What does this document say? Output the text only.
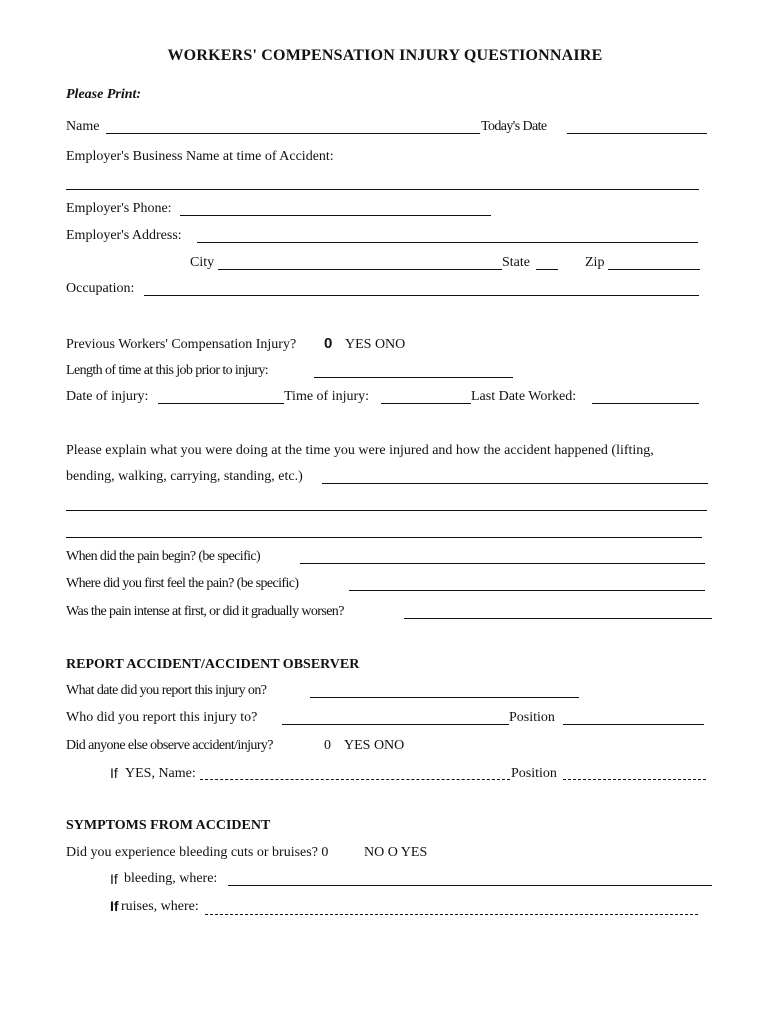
WORKERS' COMPENSATION INJURY QUESTIONNAIRE
Please Print:
Name	Today's Date
Employer's Business Name at time of Accident:
Employer's Phone:
Employer's Address:
City	State	Zip
Occupation:
Previous Workers' Compensation Injury? 0 YES ONO
Length of time at this job prior to injury:
Date of injury:	Time of injury:	Last Date Worked:
Please explain what you were doing at the time you were injured and how the accident happened (lifting,
bending, walking, carrying, standing, etc.)
When did the pain begin? (be specific)
Where did you first feel the pain? (be specific)
Was the pain intense at first, or did it gradually worsen?
REPORT ACCIDENT/ACCIDENT OBSERVER
What date did you report this injury on?
Who did you report this injury to?	Position
Did anyone else observe accident/injury?	0 YES ONO
If YES, Name:	Position
SYMPTOMS FROM ACCIDENT
Did you experience bleeding cuts or bruises? 0	NO O YES
If bleeding, where:
If ruises, where:
